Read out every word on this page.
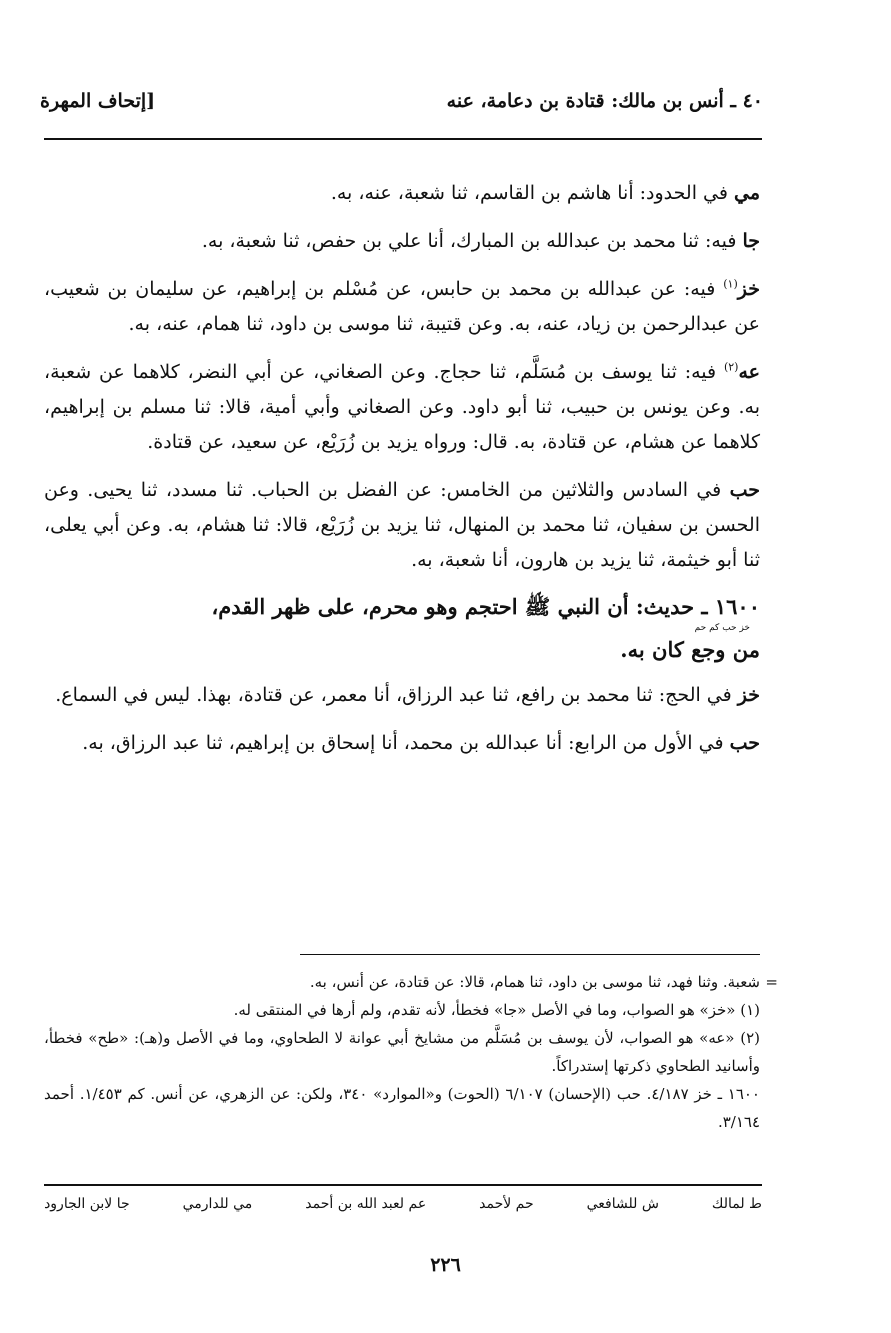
٤٠ ـ أنس بن مالك: قتادة بن دعامة، عنه
[إتحاف المهرة

مي في الحدود: أنا هاشم بن القاسم، ثنا شعبة، عنه، به.

جا فيه: ثنا محمد بن عبدالله بن المبارك، أنا علي بن حفص، ثنا شعبة، به.

خز$^{(١)}$ فيه: عن عبدالله بن محمد بن حابس، عن مُسْلم بن إبراهيم، عن سليمان بن شعيب، عن عبدالرحمن بن زياد، عنه، به. وعن قتيبة، ثنا موسى بن داود، ثنا همام، عنه، به.

عه$^{(٢)}$ فيه: ثنا يوسف بن مُسَلَّم، ثنا حجاج. وعن الصغاني، عن أبي النضر، كلاهما عن شعبة، به. وعن يونس بن حبيب، ثنا أبو داود. وعن الصغاني وأبي أمية، قالا: ثنا مسلم بن إبراهيم، كلاهما عن هشام، عن قتادة، به. قال: ورواه يزيد بن زُرَيْع، عن سعيد، عن قتادة.

حب في السادس والثلاثين من الخامس: عن الفضل بن الحباب. ثنا مسدد، ثنا يحيى. وعن الحسن بن سفيان، ثنا محمد بن المنهال، ثنا يزيد بن زُرَيْع، قالا: ثنا هشام، به. وعن أبي يعلى، ثنا أبو خيثمة، ثنا يزيد بن هارون، أنا شعبة، به.

١٦٠٠ ـ حديث: أن النبي ﷺ احتجم وهو محرم، على ظهر القدم،
خز حب كم حم
من وجع كان به.

خز في الحج: ثنا محمد بن رافع، ثنا عبد الرزاق، أنا معمر، عن قتادة، بهذا. ليس في السماع.

حب في الأول من الرابع: أنا عبدالله بن محمد، أنا إسحاق بن إبراهيم، ثنا عبد الرزاق، به.

=
شعبة. وثنا فهد، ثنا موسى بن داود، ثنا همام، قالا: عن قتادة، عن أنس، به.

(١) «خز» هو الصواب، وما في الأصل «جا» فخطأ، لأنه تقدم، ولم أرها في المنتقى له.

(٢) «عه» هو الصواب، لأن يوسف بن مُسَلَّم من مشايخ أبي عوانة لا الطحاوي، وما في الأصل و(هـ): «طح» فخطأ، وأسانيد الطحاوي ذكرتها إستدراكاً.

١٦٠٠ ـ خز ٤/١٨٧. حب (الإحسان) ٦/١٠٧ (الحوت) و«الموارد» ٣٤٠، ولكن: عن الزهري، عن أنس. كم ١/٤٥٣. أحمد ٣/١٦٤.

ط لمالك
ش للشافعي
حم لأحمد
عم لعبد الله بن أحمد
مي للدارمي
جا لابن الجارود
٢٢٦
